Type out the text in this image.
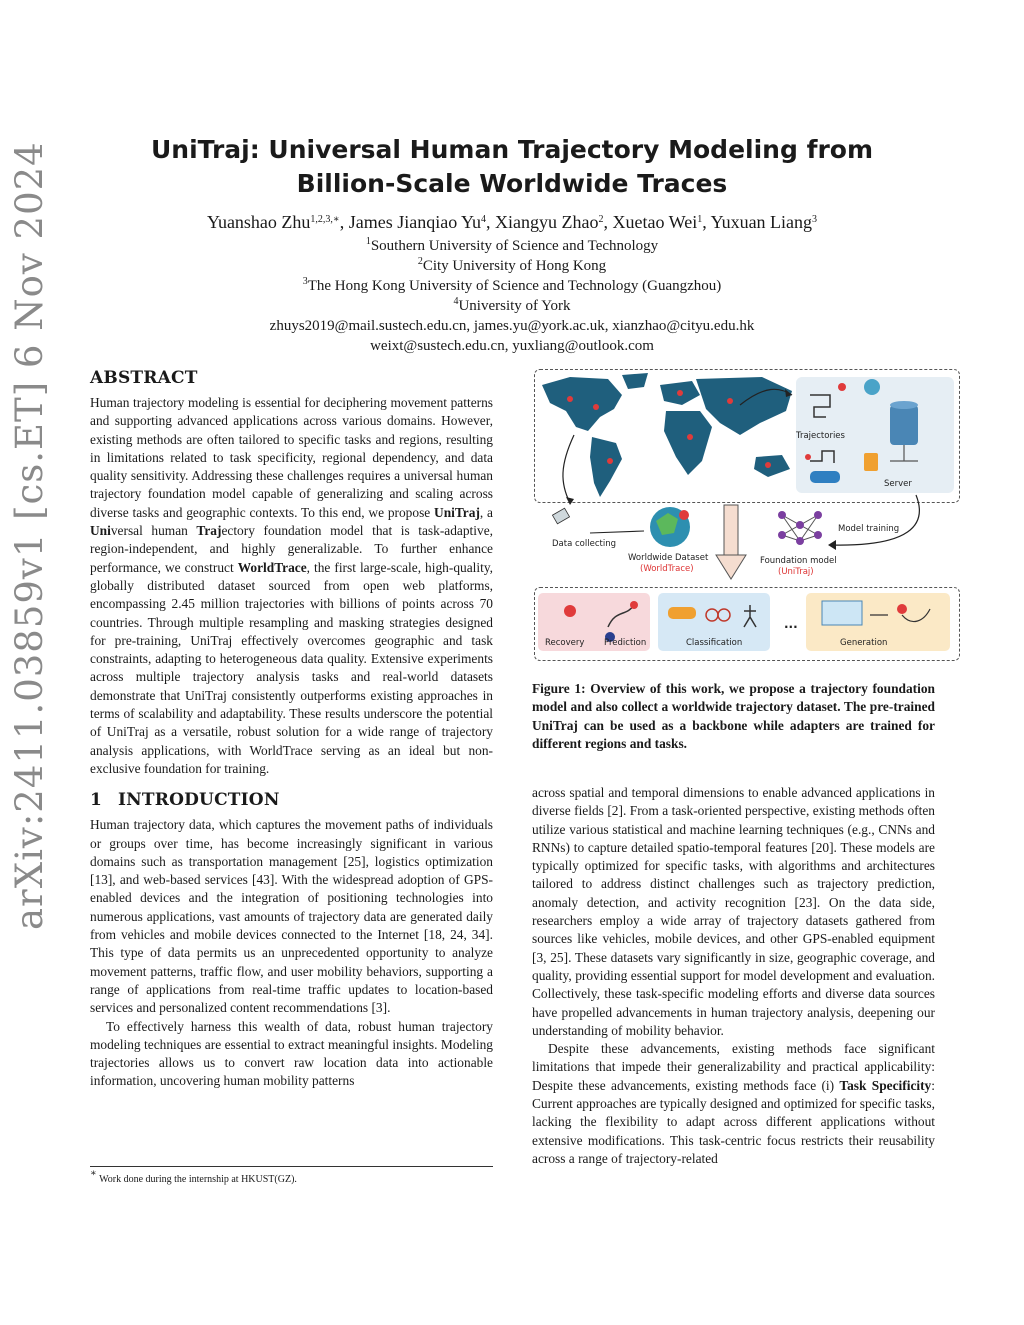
arXiv:2411.03859v1 [cs.ET] 6 Nov 2024	UniTraj: Universal Human Trajectory Modeling from
Billion-Scale Worldwide Traces
Yuanshao Zhu$^{1,2,3,∗}$, James Jianqiao Yu$^4$, Xiangyu Zhao$^2$, Xuetao Wei$^1$, Yuxuan Liang$^3$
$^1$Southern University of Science and Technology
$^2$City University of Hong Kong
$^3$The Hong Kong University of Science and Technology (Guangzhou)
$^4$University of York
zhuys2019@mail.sustech.edu.cn, james.yu@york.ac.uk, xianzhao@cityu.edu.hk
weixt@sustech.edu.cn, yuxliang@outlook.com
ABSTRACT

Human trajectory modeling is essential for deciphering movement patterns and supporting advanced applications across various domains. However, existing methods are often tailored to specific tasks and regions, resulting in limitations related to task specificity, regional dependency, and data quality sensitivity. Addressing these challenges requires a universal human trajectory foundation model capable of generalizing and scaling across diverse tasks and geographic contexts. To this end, we propose UniTraj, a Universal human Trajectory foundation model that is task-adaptive, region-independent, and highly generalizable. To further enhance performance, we construct WorldTrace, the first large-scale, high-quality, globally distributed dataset sourced from open web platforms, encompassing 2.45 million trajectories with billions of points across 70 countries. Through multiple resampling and masking strategies designed for pre-training, UniTraj effectively overcomes geographic and task constraints, adapting to heterogeneous data quality. Extensive experiments across multiple trajectory analysis tasks and real-world datasets demonstrate that UniTraj consistently outperforms existing approaches in terms of scalability and adaptability. These results underscore the potential of UniTraj as a versatile, robust solution for a wide range of trajectory analysis applications, with WorldTrace serving as an ideal but non-exclusive foundation for training.

1 INTRODUCTION

Human trajectory data, which captures the movement paths of individuals or groups over time, has become increasingly significant in various domains such as transportation management [25], logistics optimization [13], and web-based services [43]. With the widespread adoption of GPS-enabled devices and the integration of positioning technologies into numerous applications, vast amounts of trajectory data are generated daily from vehicles and mobile devices connected to the Internet [18, 24, 34]. This type of data permits us an unprecedented opportunity to analyze movement patterns, traffic flow, and user mobility behaviors, supporting a range of applications from real-time traffic updates to location-based services and personalized content recommendations [3].

To effectively harness this wealth of data, robust human trajectory modeling techniques are essential to extract meaningful insights. Modeling trajectories allows us to convert raw location data into actionable information, uncovering human mobility patterns

∗ Work done during the internship at HKUST(GZ).
Trajectories
Server
Data collecting
Worldwide Dataset
(WorldTrace)
Foundation model
(UniTraj)
Model training
Recovery Prediction	Classification
...
Generation
Figure 1: Overview of this work, we propose a trajectory foundation model and also collect a worldwide trajectory dataset. The pre-trained UniTraj can be used as a backbone while adapters are trained for different regions and tasks.

across spatial and temporal dimensions to enable advanced applications in diverse fields [2]. From a task-oriented perspective, existing methods often utilize various statistical and machine learning techniques (e.g., CNNs and RNNs) to capture detailed spatio-temporal features [20]. These models are typically optimized for specific tasks, with algorithms and architectures tailored to address distinct challenges such as trajectory prediction, anomaly detection, and activity recognition [23]. On the data side, researchers employ a wide array of trajectory datasets gathered from sources like vehicles, mobile devices, and other GPS-enabled equipment [3, 25]. These datasets vary significantly in size, geographic coverage, and quality, providing essential support for model development and evaluation. Collectively, these task-specific modeling efforts and diverse data sources have propelled advancements in human trajectory analysis, deepening our understanding of mobility behavior.

Despite these advancements, existing methods face significant limitations that impede their generalizability and practical applicability: Despite these advancements, existing methods face (i) Task Specificity: Current approaches are typically designed and optimized for specific tasks, lacking the flexibility to adapt across different applications without extensive modifications. This task-centric focus restricts their reusability across a range of trajectory-related
